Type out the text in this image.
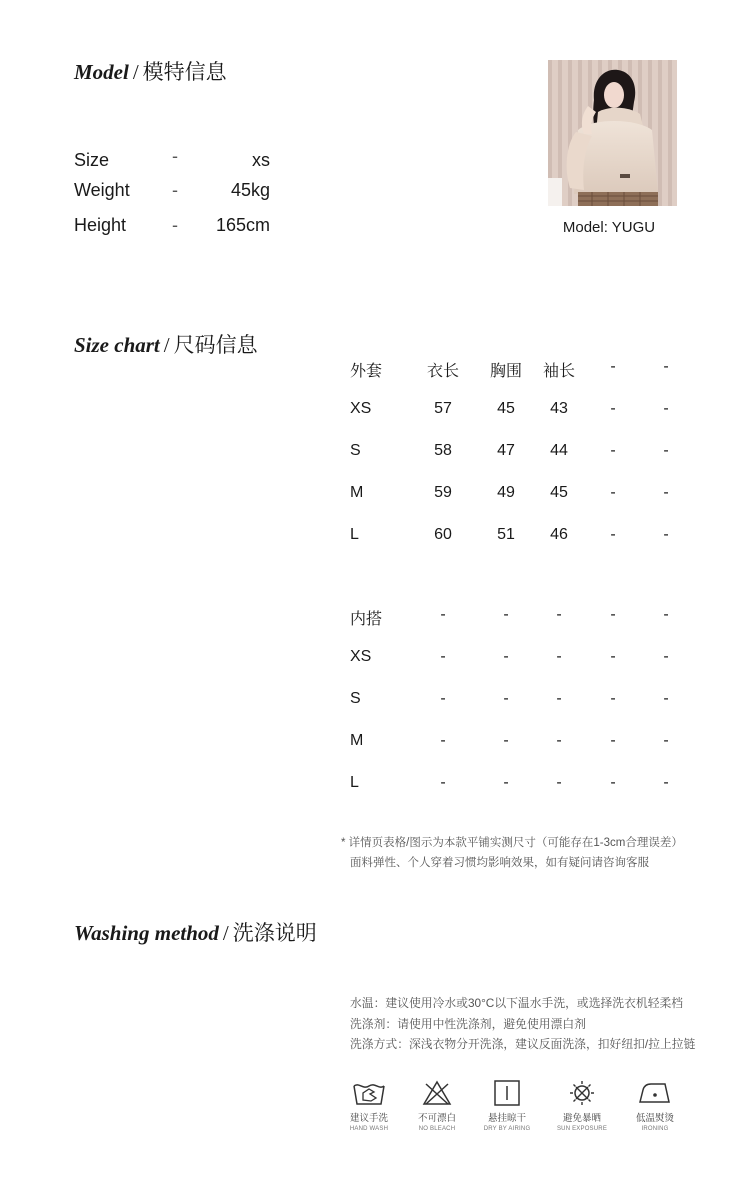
Model / 模特信息
Size	-	xs
Weight -	45kg
Height	- 165cm	Model: YUGU
Size chart / 尺码信息
外套	衣长 胸围 袖长 -	-
XS	57	45 43	-	-
S	58	47 44	-	-
M	59	49 45	-	-
L	60	51 46	-	-
内搭	-	-	-	-	-
XS	-	-	-	-	-
S	-	-	-	-	-
M	-	-	-	-	-
L	-	-	-	-	-
* 详情页表格/图示为本款平铺实测尺寸（可能存在1-3cm合理误差）
面料弹性、个人穿着习惯均影响效果，如有疑问请咨询客服
Washing method / 洗涤说明
水温：建议使用冷水或30°C以下温水手洗，或选择洗衣机轻柔档
洗涤剂：请使用中性洗涤剂，避免使用漂白剂
洗涤方式：深浅衣物分开洗涤，建议反面洗涤，扣好纽扣/拉上拉链
建议手洗
HAND WASH
不可漂白
NO BLEACH
悬挂晾干
DRY BY AIRING
避免暴晒
SUN EXPOSURE
低温熨烫
IRONING
